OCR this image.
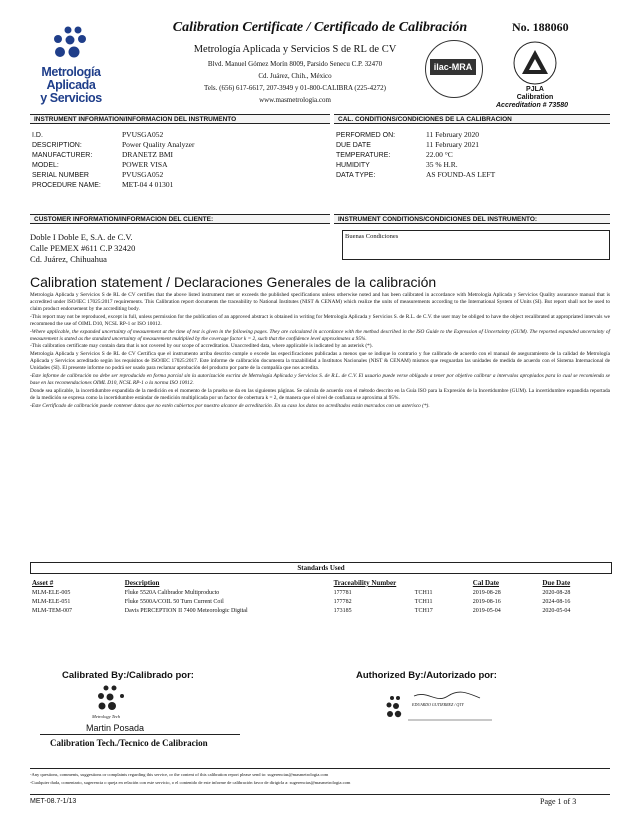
Metrología Aplicada
y Servicios
Calibration Certificate / Certificado de Calibración	No. 188060
Metrología Aplicada y Servicios S de RL de CV
Blvd. Manuel Gómez Morín 8009, Parsido Senecu C.P. 32470
Cd. Juárez, Chih., México
Tels. (656) 617-6617, 207-3949 y 01-800-CALIBRA (225-4272)
www.masmetrologia.com
ilac-MRA
PJLA
Calibration
Accreditation # 73580
INSTRUMENT INFORMATION/INFORMACION DEL INSTRUMENTO	CAL. CONDITIONS/CONDICIONES DE LA CALIBRACION
I.D.	PVUSGA052
DESCRIPTION:	Power Quality Analyzer
MANUFACTURER:	DRANETZ BMI
MODEL:	POWER VISA
SERIAL NUMBER	PVUSGA052
PROCEDURE NAME:	MET-04 4 01301
PERFORMED ON:	11 February 2020
DUE DATE	11 February 2021
TEMPERATURE:	22.00 °C
HUMIDITY	35 % H.R.
DATA TYPE:	AS FOUND-AS LEFT
CUSTOMER INFORMATION/INFORMACION DEL CLIENTE:	INSTRUMENT CONDITIONS/CONDICIONES DEL INSTRUMENTO:
Doble I Doble E, S.A. de C.V.
Calle PEMEX #611 C.P 32420
Cd. Juárez, Chihuahua
Buenas Condiciones
Calibration statement / Declaraciones Generales de la calibración

Metrología Aplicada y Servicios S de RL de CV certifies that the above listed instrument met or exceeds the published specifications unless otherwise noted and has been calibrated in accordance with Metrología Aplicada y Servicios Quality assurance manual that is accredited under ISO/IEC 17025:2017 requirements. This Calibration report documents the traceability to National Institutes (NIST & CENAM) which realize the units of measurements according to the International System of Units (SI). But report shall not be used to claim product endorsement by the accrediting body.

-This report may not be reproduced, except in full, unless permission for the publication of an approved abstract is obtained in writing for Metrología Aplicada y Servicios S. de R.L. de C.V. the user may be obliged to have the object recalibrated at appropriated intervals we recommend the use of OIML D10, NCSL RP-1 or ISO 10012.

-Where applicable, the expanded uncertainty of measurement at the time of test is given in the following pages. They are calculated in accordance with the method described in the ISO Guide to the Expression of Uncertainty (GUM). The reported expanded uncertainty of measurement is stated as the standard uncertainty of measurement multiplied by the coverage factor k = 2, such that the confidence level approximates a 95%.

-This calibration certificate may contain data that is not covered by our scope of accreditation. Unaccredited data, where applicable is indicated by an asterisk (*).

Metrología Aplicada y Servicios S de RL de CV Certifica que el instrumento arriba descrito cumple o excede las especificaciones publicadas a menos que se indique lo contrario y fue calibrado de acuerdo con el manual de aseguramiento de la calidad de Metrología Aplicada y Servicios acreditado según los requisitos de ISO/IEC 17025:2017. Este informe de calibración documenta la trazabilidad a Institutos Nacionales (NIST & CENAM) mismos que resguardan las unidades de medida de acuerdo con el Sistema Internacional de Unidades (SI). El presente informe no podrá ser usado para reclamar aprobación del producto por parte de la compañía que nos acredita.

-Este informe de calibración no debe ser reproducido en forma parcial sin la autorización escrita de Metrología Aplicada y Servicios S. de R.L. de C.V. El usuario puede verse obligado a tener por objetivo calibrar a intervalos apropiados para lo cual se recomienda se base en las recomendaciones OIML D10, NCSL RP-1 o la norma ISO 10012.

Donde sea aplicable, la incertidumbre expandida de la medición en el momento de la prueba se da en las siguientes páginas. Se calcula de acuerdo con el método descrito en la Guía ISO para la Expresión de la Incertidumbre (GUM). La incertidumbre expandida reportada de la medición se expresa como la incertidumbre estándar de medición multiplicada por un factor de cobertura k = 2, de manera que el nivel de confianza se aproxima al 95%.

-Este Certificado de calibración puede contener datos que no estén cubiertos por nuestro alcance de acreditación. En su caso los datos no acreditados están marcados con un asterisco (*).

Standards Used
Asset #	Description	Traceability Number		Cal Date	Due Date
MLM-ELE-005	Fluke 5520A Calibrador Multiproducto	177781	TCH11	2019-08-28	2020-08-28
MLM-ELE-051	Fluke 5500A/COIL 50 Turn Current Coil	177782	TCH11	2019-08-16	2024-08-16
MLM-TEM-007	Davis PERCEPTION II 7400 Meteorologic Digital	173185	TCH17	2019-05-04	2020-05-04
Calibrated By:/Calibrado por:	Authorized By:/Autorizado por:
Metrology Tech
Martin Posada
Calibration Tech./Tecnico de Calibracion
EDUARDO GUTIERREZ / QTY
-Any questions, comments, suggestions or complaints regarding this service, or the content of this calibration report please send to: sugerencias@masmetrologia.com
-Cualquier duda, comentario, sugerencia o queja en relación con este servicio, o el contenido de este informe de calibración favor de dirigirla a: sugerencias@masmetrologia.com
MET-08.7-1/13	Page 1 of 3
